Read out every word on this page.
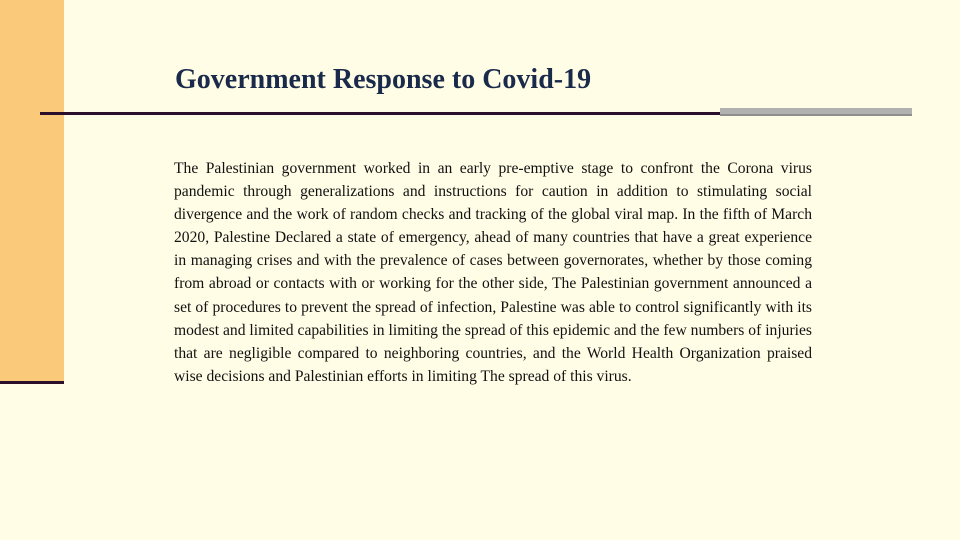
Government Response to Covid-19

The Palestinian government worked in an early pre-emptive stage to confront the Corona virus pandemic through generalizations and instructions for caution in addition to stimulating social divergence and the work of random checks and tracking of the global viral map. In the fifth of March 2020, Palestine Declared a state of emergency, ahead of many countries that have a great experience in managing crises and with the prevalence of cases between governorates, whether by those coming from abroad or contacts with or working for the other side, The Palestinian government announced a set of procedures to prevent the spread of infection, Palestine was able to control significantly with its modest and limited capabilities in limiting the spread of this epidemic and the few numbers of injuries that are negligible compared to neighboring countries, and the World Health Organization praised wise decisions and Palestinian efforts in limiting The spread of this virus.
